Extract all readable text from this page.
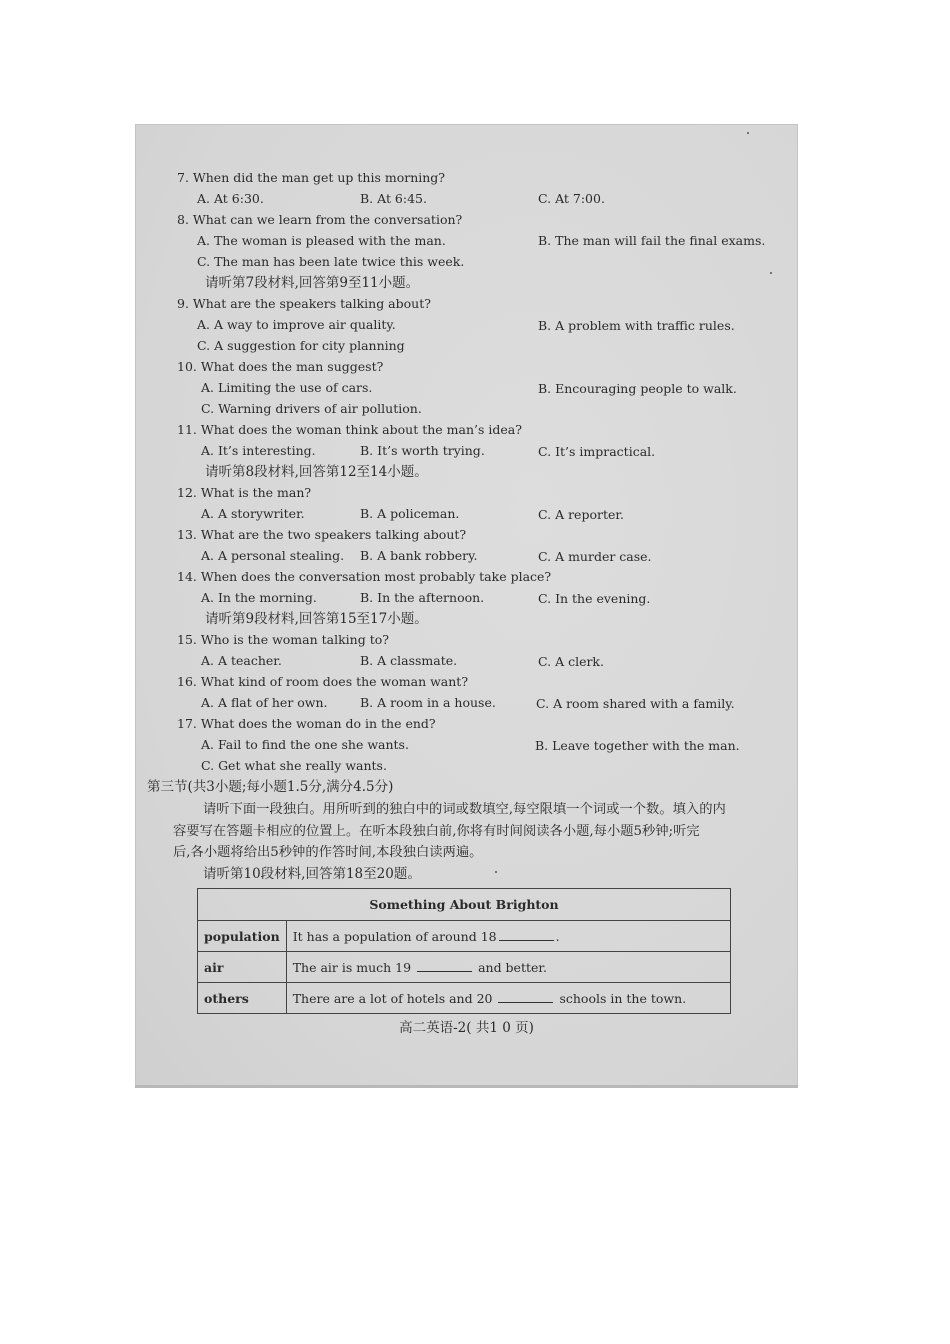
7. When did the man get up this morning?
A. At 6:30.	B. At 6:45.	C. At 7:00.
8. What can we learn from the conversation?
A. The woman is pleased with the man.	B. The man will fail the final exams.
C. The man has been late twice this week.
请听第7段材料,回答第9至11小题。
9. What are the speakers talking about?
A. A way to improve air quality.	B. A problem with traffic rules.
C. A suggestion for city planning
10. What does the man suggest?
A. Limiting the use of cars.	B. Encouraging people to walk.
C. Warning drivers of air pollution.
11. What does the woman think about the man’s idea?
A. It’s interesting.	B. It’s worth trying.	C. It’s impractical.
请听第8段材料,回答第12至14小题。
12. What is the man?
A. A storywriter.	B. A policeman.	C. A reporter.
13. What are the two speakers talking about?
A. A personal stealing. B. A bank robbery.	C. A murder case.
14. When does the conversation most probably take place?
A. In the morning.	B. In the afternoon.	C. In the evening.
请听第9段材料,回答第15至17小题。
15. Who is the woman talking to?
A. A teacher.	B. A classmate.	C. A clerk.
16. What kind of room does the woman want?
A. A flat of her own.	B. A room in a house.	C. A room shared with a family.
17. What does the woman do in the end?
A. Fail to find the one she wants.	B. Leave together with the man.
C. Get what she really wants.
第三节(共3小题;每小题1.5分,满分4.5分)
请听下面一段独白。用所听到的独白中的词或数填空,每空限填一个词或一个数。填入的内
容要写在答题卡相应的位置上。在听本段独白前,你将有时间阅读各小题,每小题5秒钟;听完
后,各小题将给出5秒钟的作答时间,本段独白读两遍。
请听第10段材料,回答第18至20题。
Something About Brighton	
population	It has a population of around 18 .
air	The air is much 19 and better.
others	There are a lot of hotels and 20 schools in the town.
高二英语-2( 共1 0 页)
